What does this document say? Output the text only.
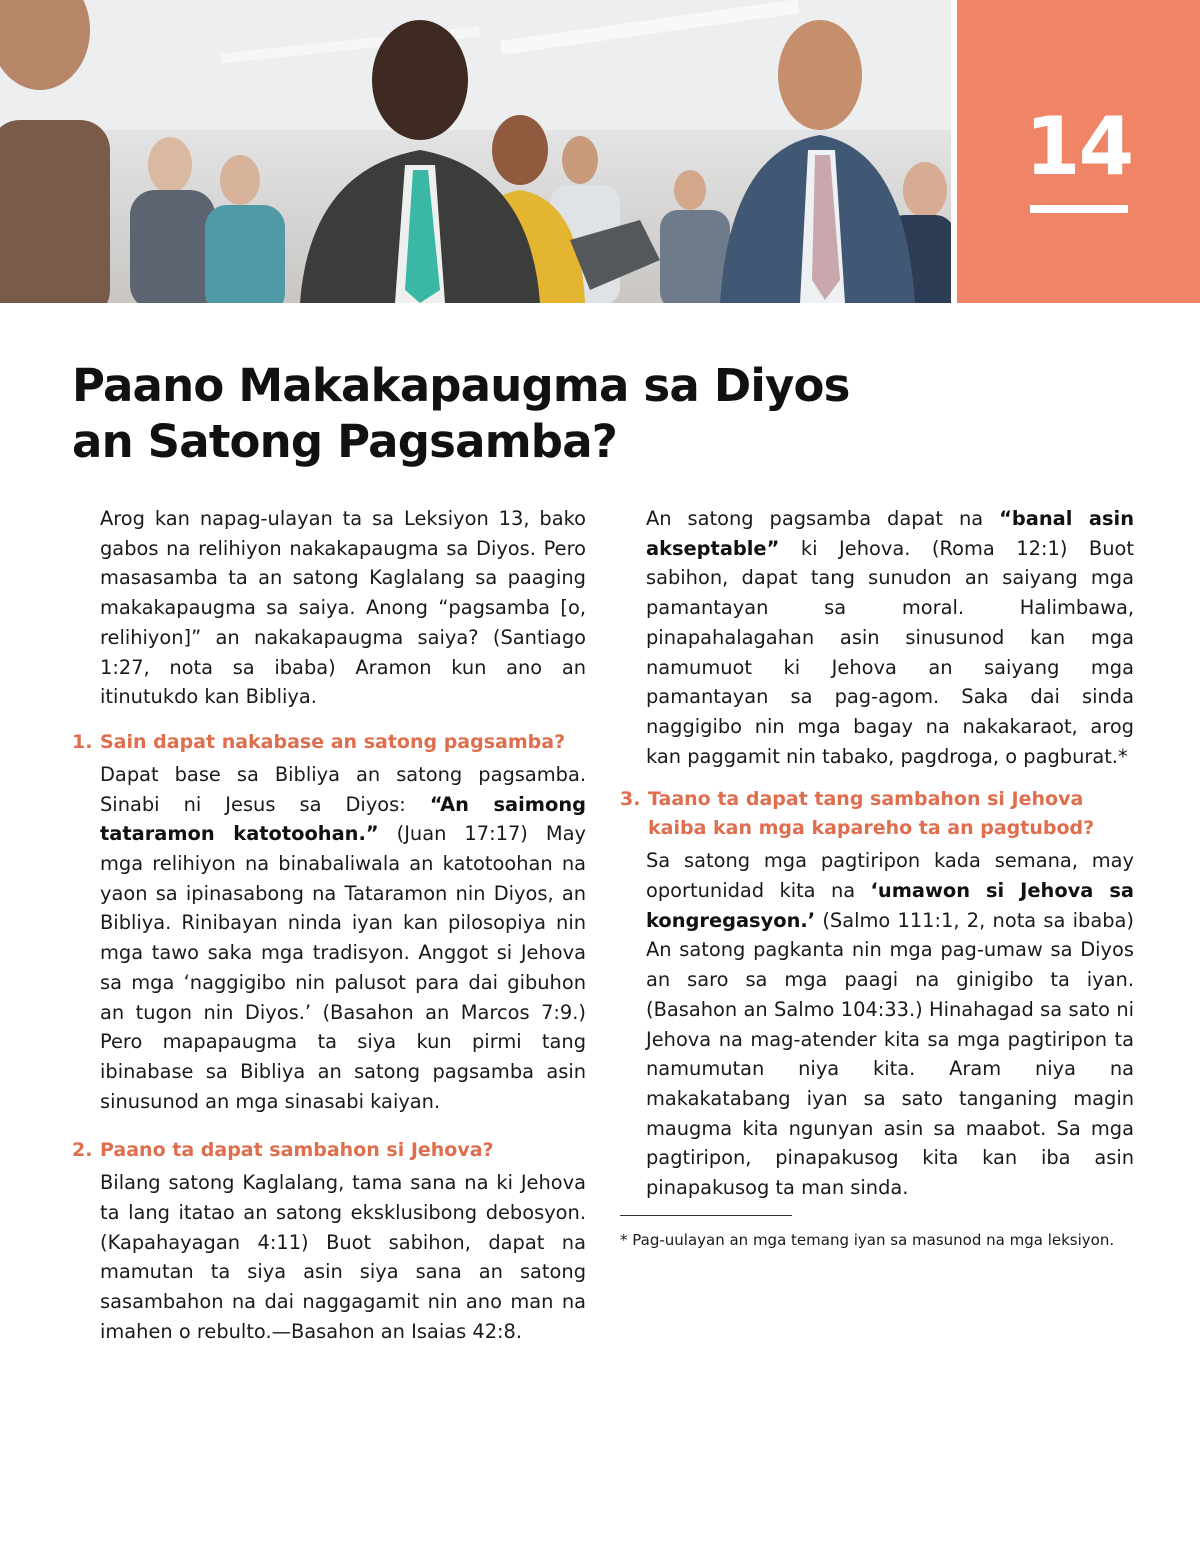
14
Paano Makakapaugma sa Diyos
an Satong Pagsamba?

Arog kan napag-ulayan ta sa Leksiyon 13, bako gabos na relihiyon nakakapaugma sa Diyos. Pero masasamba ta an satong Kaglalang sa paaging makakapaugma sa saiya. Anong “pagsamba [o, relihiyon]” an nakakapaugma saiya? (Santiago 1:27, nota sa ibaba) Aramon kun ano an itinutukdo kan Bibliya.

1. Sain dapat nakabase an satong pagsamba?

Dapat base sa Bibliya an satong pagsamba. Sinabi ni Jesus sa Diyos: “An saimong tataramon katotoohan.” (Juan 17:17) May mga relihiyon na binabaliwala an katotoohan na yaon sa ipinasabong na Tataramon nin Diyos, an Bibliya. Rinibayan ninda iyan kan pilosopiya nin mga tawo saka mga tradisyon. Anggot si Jehova sa mga ‘naggigibo nin palusot para dai gibuhon an tugon nin Diyos.’ (Basahon an Marcos 7:9.) Pero mapapaugma ta siya kun pirmi tang ibinabase sa Bibliya an satong pagsamba asin sinusunod an mga sinasabi kaiyan.

2. Paano ta dapat sambahon si Jehova?

Bilang satong Kaglalang, tama sana na ki Jehova ta lang itatao an satong eksklusibong debosyon. (Kapahayagan 4:11) Buot sabihon, dapat na mamutan ta siya asin siya sana an satong sasambahon na dai naggagamit nin ano man na imahen o rebulto.—Basahon an Isaias 42:8.

An satong pagsamba dapat na “banal asin akseptable” ki Jehova. (Roma 12:1) Buot sabihon, dapat tang sunudon an saiyang mga pamantayan sa moral. Halimbawa, pinapahalagahan asin sinusunod kan mga namumuot ki Jehova an saiyang mga pamantayan sa pag-agom. Saka dai sinda naggigibo nin mga bagay na nakakaraot, arog kan paggamit nin tabako, pagdroga, o pagburat.*

3. Taano ta dapat tang sambahon si Jehova kaiba kan mga kapareho ta an pagtubod?

Sa satong mga pagtiripon kada semana, may oportunidad kita na ‘umawon si Jehova sa kongregasyon.’ (Salmo 111:1, 2, nota sa ibaba) An satong pagkanta nin mga pag-umaw sa Diyos an saro sa mga paagi na ginigibo ta iyan. (Basahon an Salmo 104:33.) Hinahagad sa sato ni Jehova na mag-atender kita sa mga pagtiripon ta namumutan niya kita. Aram niya na makakatabang iyan sa sato tanganing magin maugma kita ngunyan asin sa maabot. Sa mga pagtiripon, pinapakusog kita kan iba asin pinapakusog ta man sinda.

* Pag-uulayan an mga temang iyan sa masunod na mga leksiyon.
